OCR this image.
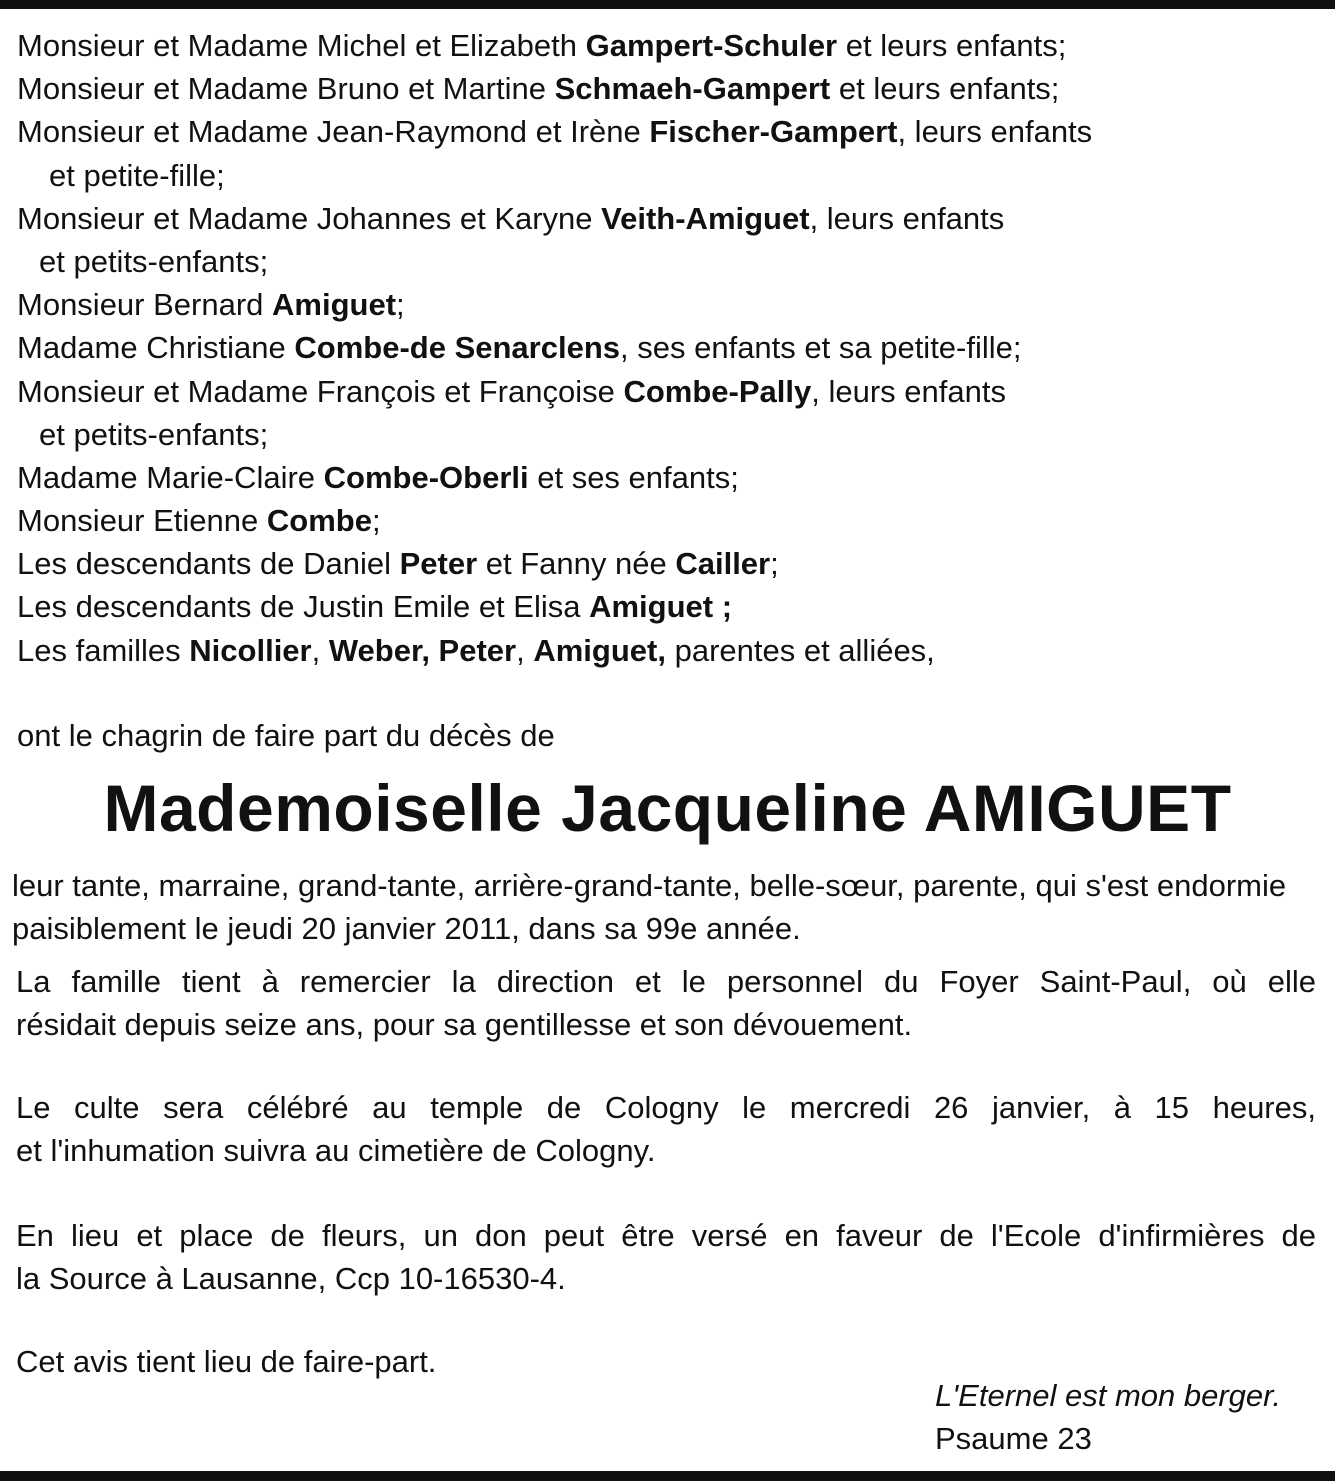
Monsieur et Madame Michel et Elizabeth Gampert-Schuler et leurs enfants;
Monsieur et Madame Bruno et Martine Schmaeh-Gampert et leurs enfants;
Monsieur et Madame Jean-Raymond et Irène Fischer-Gampert, leurs enfants
et petite-fille;
Monsieur et Madame Johannes et Karyne Veith-Amiguet, leurs enfants
et petits-enfants;
Monsieur Bernard Amiguet;
Madame Christiane Combe-de Senarclens, ses enfants et sa petite-fille;
Monsieur et Madame François et Françoise Combe-Pally, leurs enfants
et petits-enfants;
Madame Marie-Claire Combe-Oberli et ses enfants;
Monsieur Etienne Combe;
Les descendants de Daniel Peter et Fanny née Cailler;
Les descendants de Justin Emile et Elisa Amiguet ;
Les familles Nicollier, Weber, Peter, Amiguet, parentes et alliées,
ont le chagrin de faire part du décès de
Mademoiselle Jacqueline AMIGUET
leur tante, marraine, grand-tante, arrière-grand-tante, belle-sœur, parente, qui s'est endormie paisiblement le jeudi 20 janvier 2011, dans sa 99e année.
La famille tient à remercier la direction et le personnel du Foyer Saint-Paul, où elle
résidait depuis seize ans, pour sa gentillesse et son dévouement.
Le culte sera célébré au temple de Cologny le mercredi 26 janvier, à 15 heures,
et l'inhumation suivra au cimetière de Cologny.
En lieu et place de fleurs, un don peut être versé en faveur de l'Ecole d'infirmières de
la Source à Lausanne, Ccp 10-16530-4.
Cet avis tient lieu de faire-part.
L'Eternel est mon berger.
Psaume 23
